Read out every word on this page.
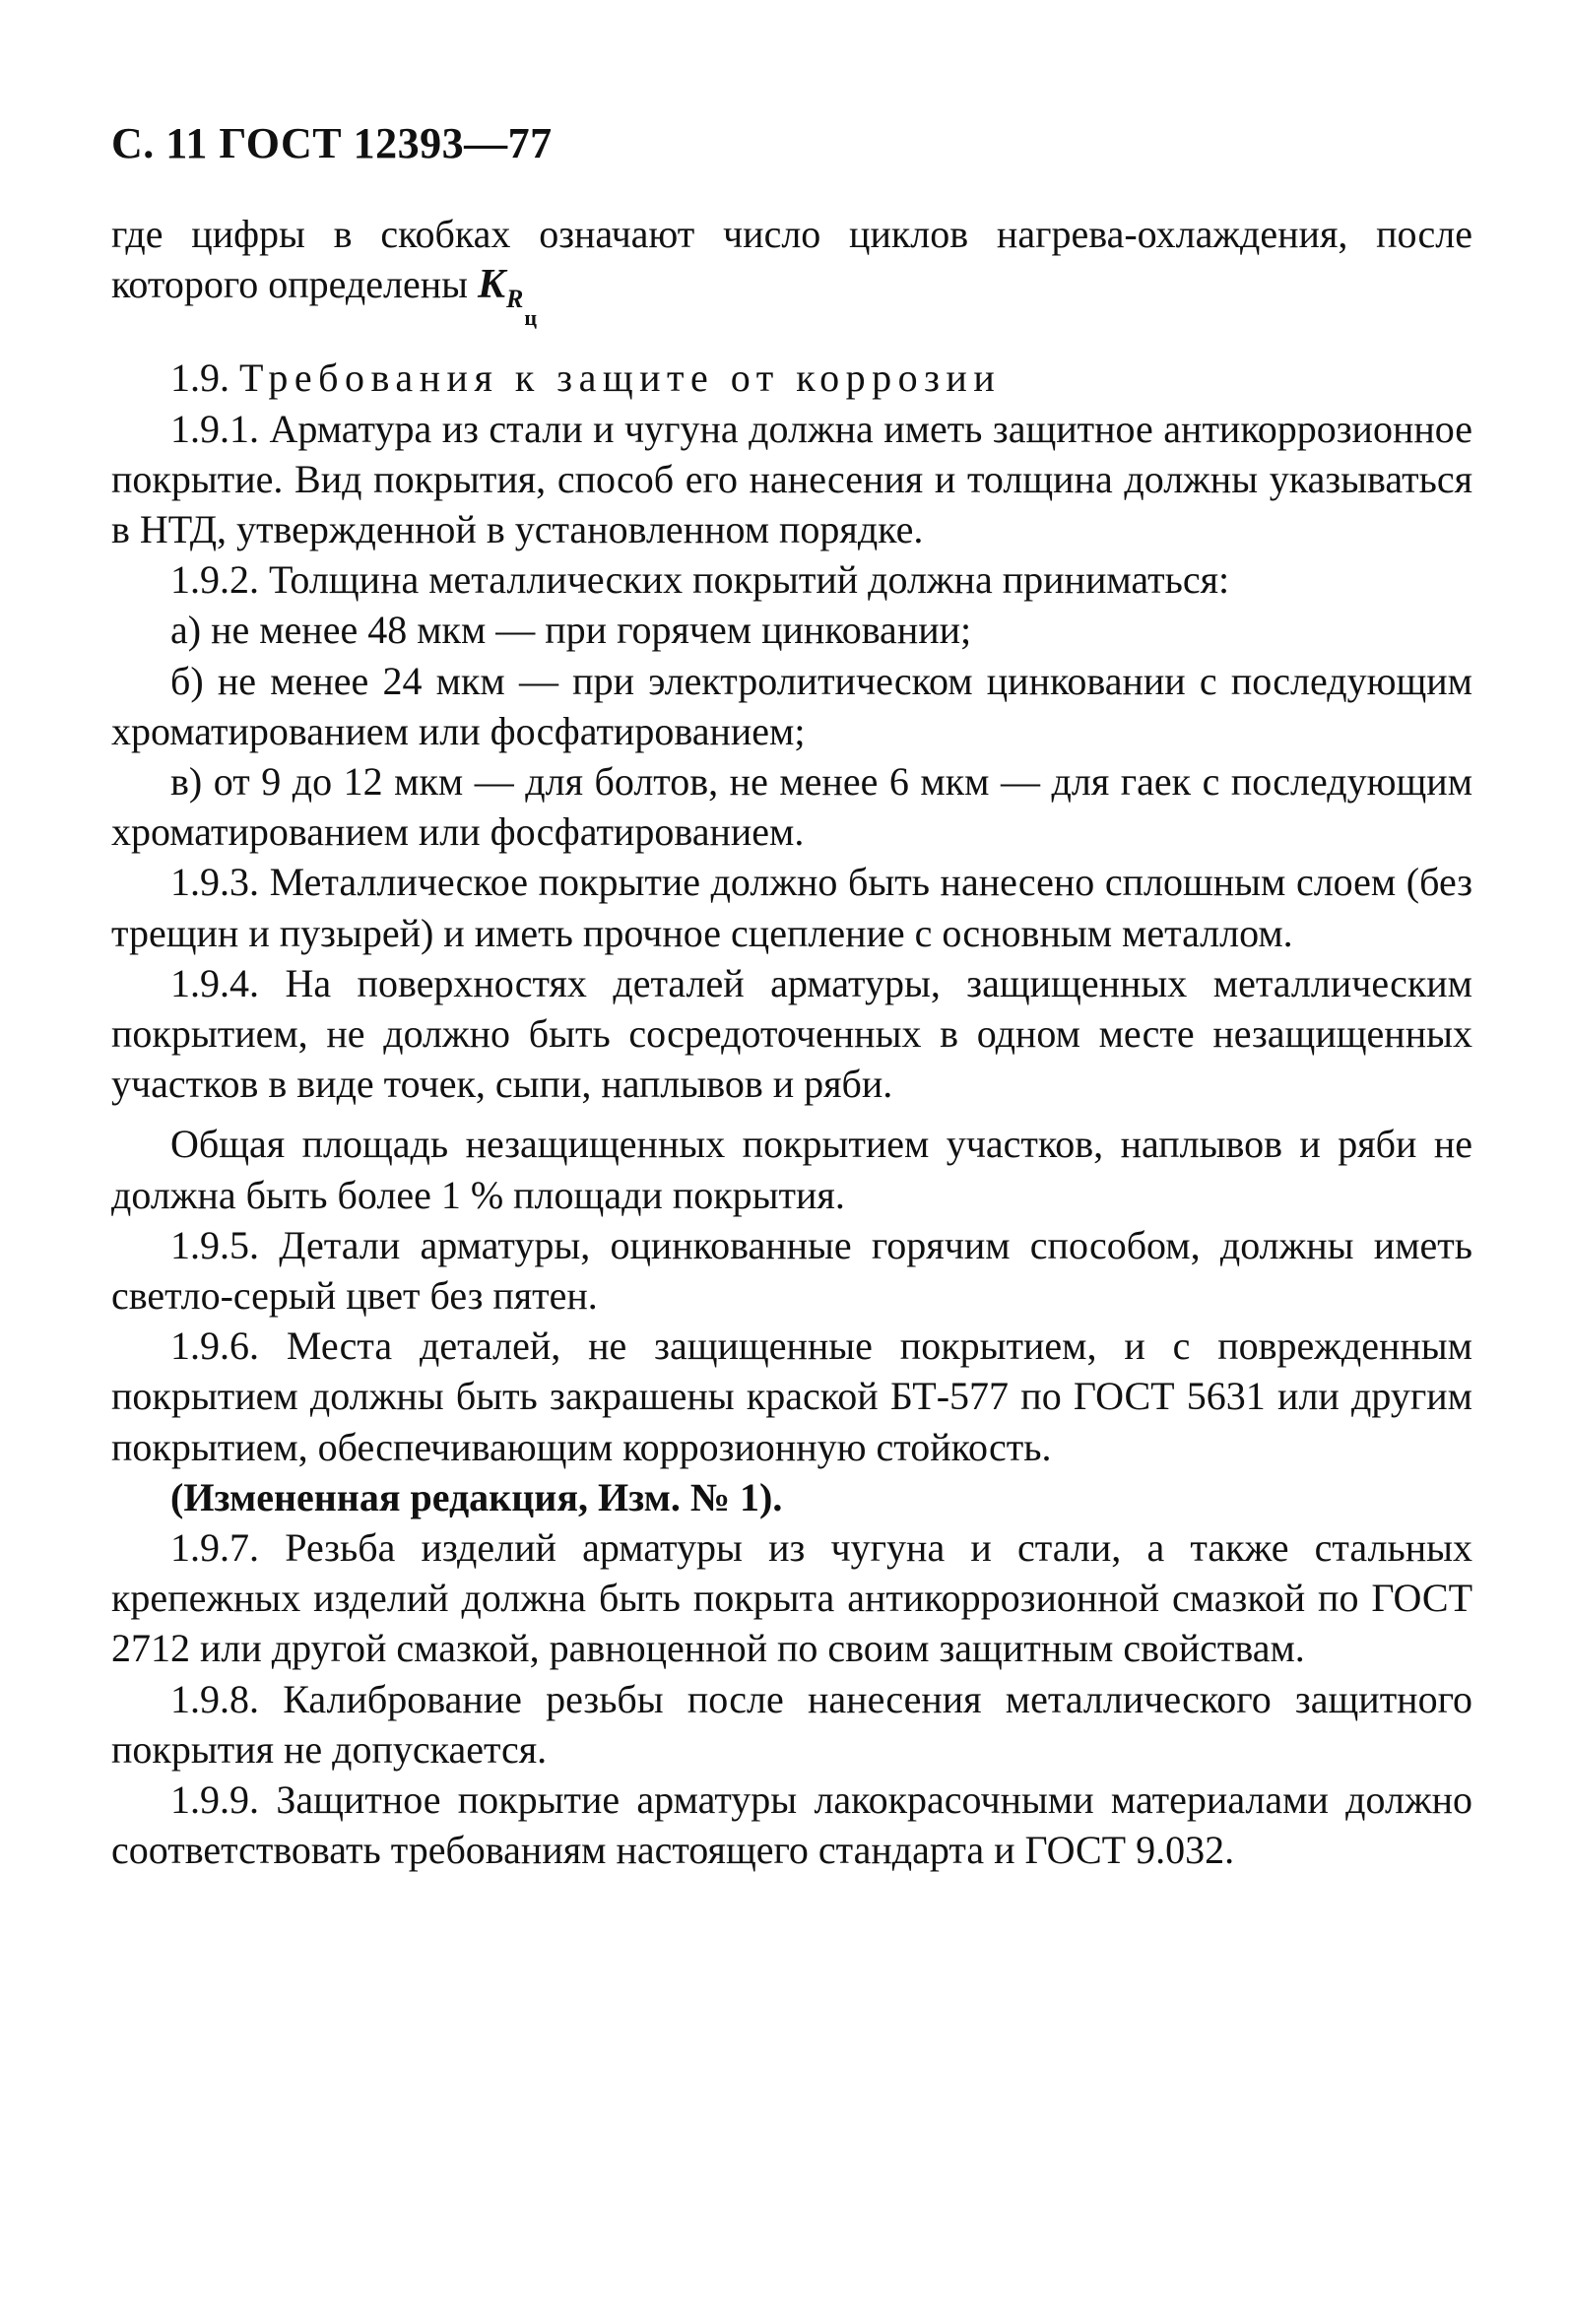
С. 11 ГОСТ 12393—77

где цифры в скобках означают число циклов нагрева-охлаждения, после которого определены $K_{R_ц}$

1.9. Требования к защите от коррозии

1.9.1. Арматура из стали и чугуна должна иметь защитное антикоррозионное покрытие. Вид покрытия, способ его нанесения и толщина должны указываться в НТД, утвержденной в установленном порядке.

1.9.2. Толщина металлических покрытий должна приниматься:

а) не менее 48 мкм — при горячем цинковании;

б) не менее 24 мкм — при электролитическом цинковании с последующим хроматированием или фосфатированием;

в) от 9 до 12 мкм — для болтов, не менее 6 мкм — для гаек с последующим хроматированием или фосфатированием.

1.9.3. Металлическое покрытие должно быть нанесено сплошным слоем (без трещин и пузырей) и иметь прочное сцепление с основным металлом.

1.9.4. На поверхностях деталей арматуры, защищенных металлическим покрытием, не должно быть сосредоточенных в одном месте незащищенных участков в виде точек, сыпи, наплывов и ряби.

Общая площадь незащищенных покрытием участков, наплывов и ряби не должна быть более 1 % площади покрытия.

1.9.5. Детали арматуры, оцинкованные горячим способом, должны иметь светло-серый цвет без пятен.

1.9.6. Места деталей, не защищенные покрытием, и с поврежденным покрытием должны быть закрашены краской БТ-577 по ГОСТ 5631 или другим покрытием, обеспечивающим коррозионную стойкость.

(Измененная редакция, Изм. № 1).

1.9.7. Резьба изделий арматуры из чугуна и стали, а также стальных крепежных изделий должна быть покрыта антикоррозионной смазкой по ГОСТ 2712 или другой смазкой, равноценной по своим защитным свойствам.

1.9.8. Калибрование резьбы после нанесения металлического защитного покрытия не допускается.

1.9.9. Защитное покрытие арматуры лакокрасочными материалами должно соответствовать требованиям настоящего стандарта и ГОСТ 9.032.
